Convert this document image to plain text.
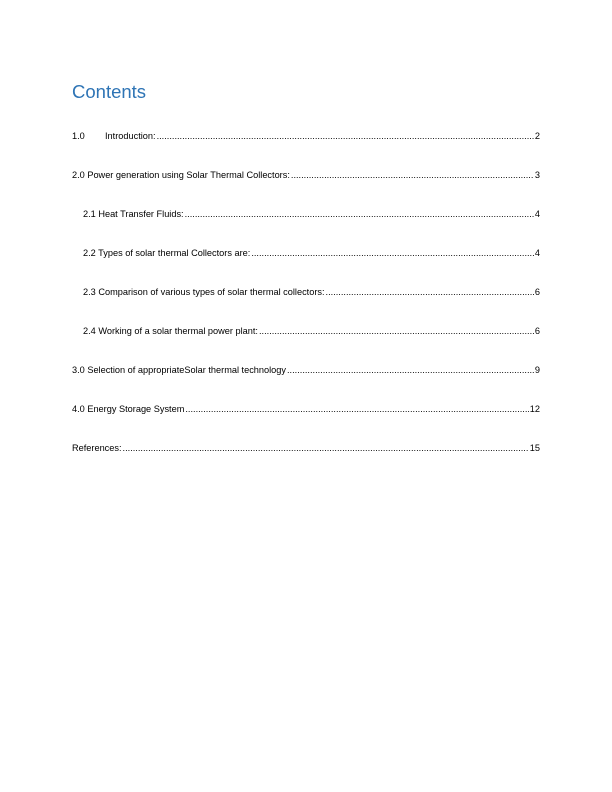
Contents
1.0 Introduction: .....	2
2.0 Power generation using Solar Thermal Collectors: .....	3
2.1 Heat Transfer Fluids: .....	4
2.2 Types of solar thermal Collectors are: .....	4
2.3 Comparison of various types of solar thermal collectors: .....	6
2.4 Working of a solar thermal power plant: .....	6
3.0 Selection of appropriateSolar thermal technology .....	9
4.0 Energy Storage System .....	12
References: .....	15
